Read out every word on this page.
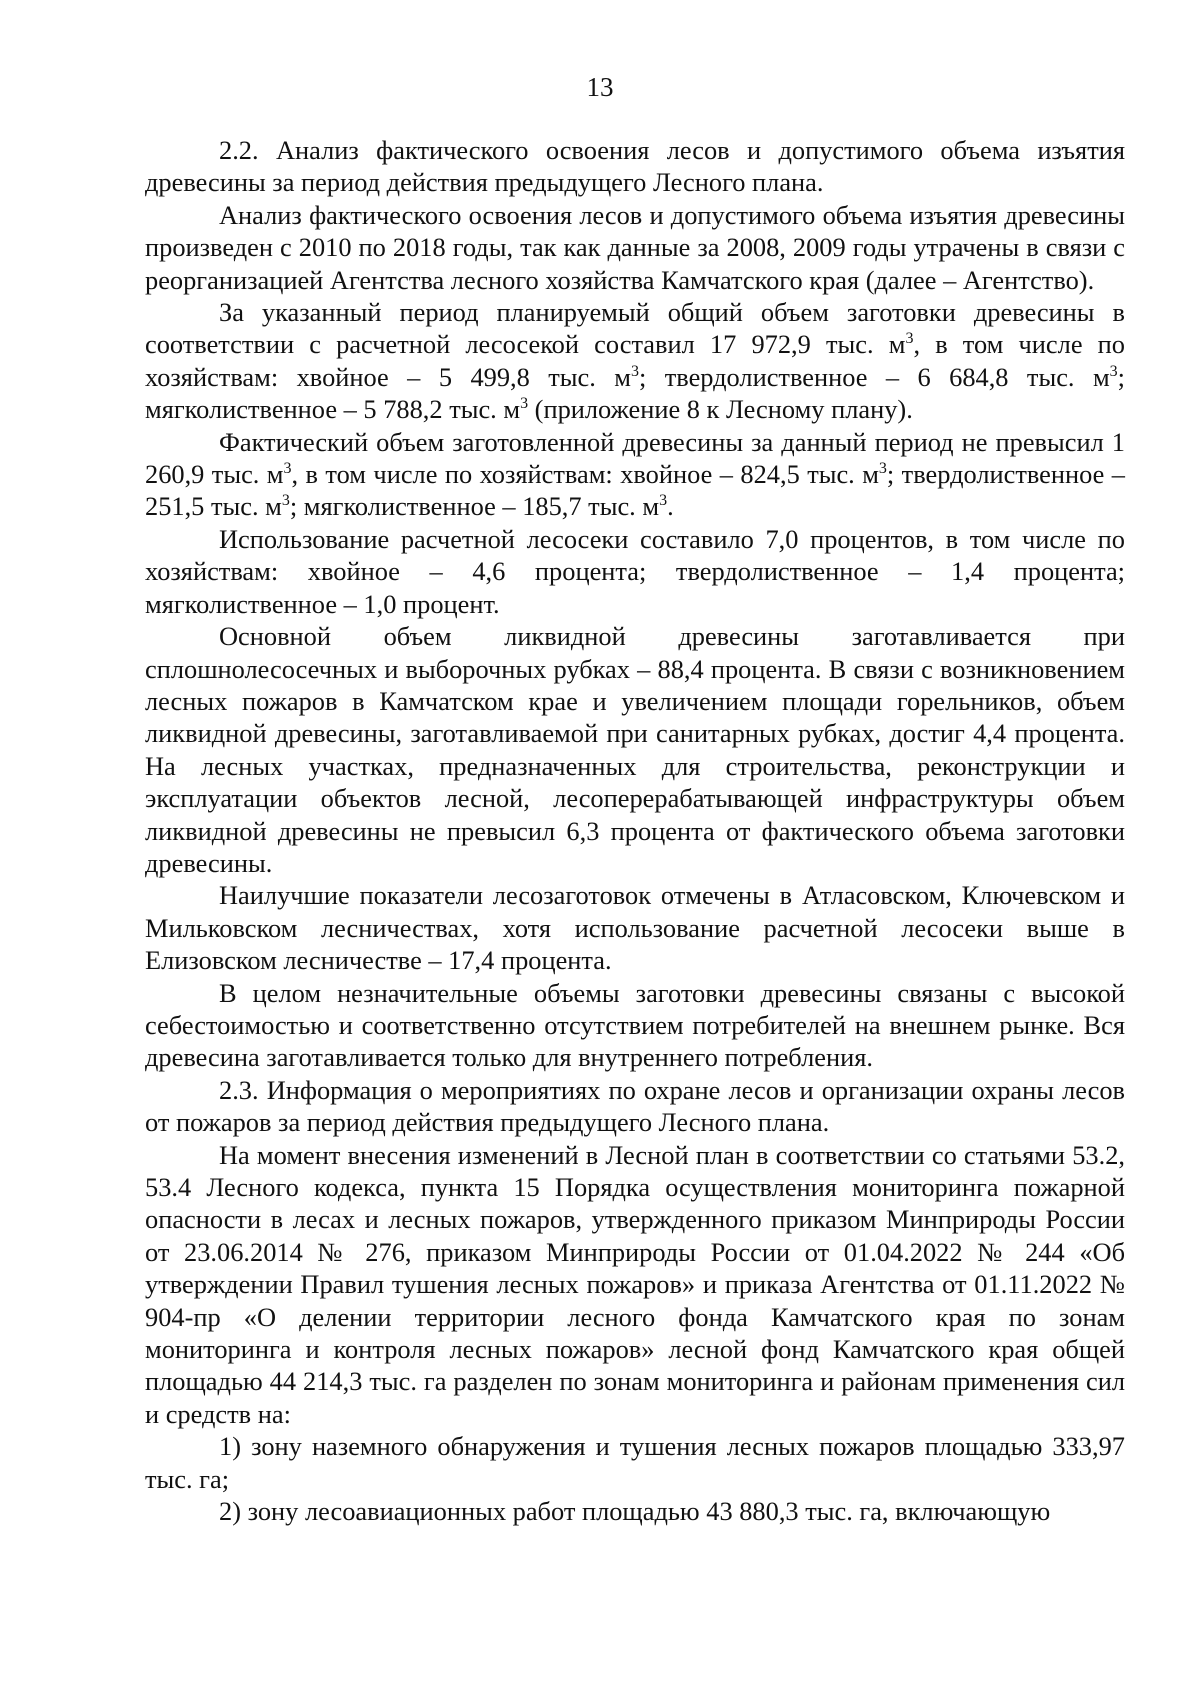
13

2.2. Анализ фактического освоения лесов и допустимого объема изъятия древесины за период действия предыдущего Лесного плана.

Анализ фактического освоения лесов и допустимого объема изъятия древесины произведен с 2010 по 2018 годы, так как данные за 2008, 2009 годы утрачены в связи с реорганизацией Агентства лесного хозяйства Камчатского края (далее – Агентство).

За указанный период планируемый общий объем заготовки древесины в соответствии с расчетной лесосекой составил 17 972,9 тыс. $м^3$, в том числе по хозяйствам: хвойное – 5 499,8 тыс. $м^3$; твердолиственное – 6 684,8 тыс. $м^3$; мягколиственное – 5 788,2 тыс. $м^3$ (приложение 8 к Лесному плану).

Фактический объем заготовленной древесины за данный период не превысил 1 260,9 тыс. $м^3$, в том числе по хозяйствам: хвойное – 824,5 тыс. $м^3$; твердолиственное – 251,5 тыс. $м^3$; мягколиственное – 185,7 тыс. $м^3$.

Использование расчетной лесосеки составило 7,0 процентов, в том числе по хозяйствам: хвойное – 4,6 процента; твердолиственное – 1,4 процента; мягколиственное – 1,0 процент.

Основной объем ликвидной древесины заготавливается при сплошнолесосечных и выборочных рубках – 88,4 процента. В связи с возникновением лесных пожаров в Камчатском крае и увеличением площади горельников, объем ликвидной древесины, заготавливаемой при санитарных рубках, достиг 4,4 процента. На лесных участках, предназначенных для строительства, реконструкции и эксплуатации объектов лесной, лесоперерабатывающей инфраструктуры объем ликвидной древесины не превысил 6,3 процента от фактического объема заготовки древесины.

Наилучшие показатели лесозаготовок отмечены в Атласовском, Ключевском и Мильковском лесничествах, хотя использование расчетной лесосеки выше в Елизовском лесничестве – 17,4 процента.

В целом незначительные объемы заготовки древесины связаны с высокой себестоимостью и соответственно отсутствием потребителей на внешнем рынке. Вся древесина заготавливается только для внутреннего потребления.

2.3. Информация о мероприятиях по охране лесов и организации охраны лесов от пожаров за период действия предыдущего Лесного плана.

На момент внесения изменений в Лесной план в соответствии со статьями 53.2, 53.4 Лесного кодекса, пункта 15 Порядка осуществления мониторинга пожарной опасности в лесах и лесных пожаров, утвержденного приказом Минприроды России от 23.06.2014 № 276, приказом Минприроды России от 01.04.2022 № 244 «Об утверждении Правил тушения лесных пожаров» и приказа Агентства от 01.11.2022 № 904-пр «О делении территории лесного фонда Камчатского края по зонам мониторинга и контроля лесных пожаров» лесной фонд Камчатского края общей площадью 44 214,3 тыс. га разделен по зонам мониторинга и районам применения сил и средств на:

1) зону наземного обнаружения и тушения лесных пожаров площадью 333,97 тыс. га;

2) зону лесоавиационных работ площадью 43 880,3 тыс. га, включающую
